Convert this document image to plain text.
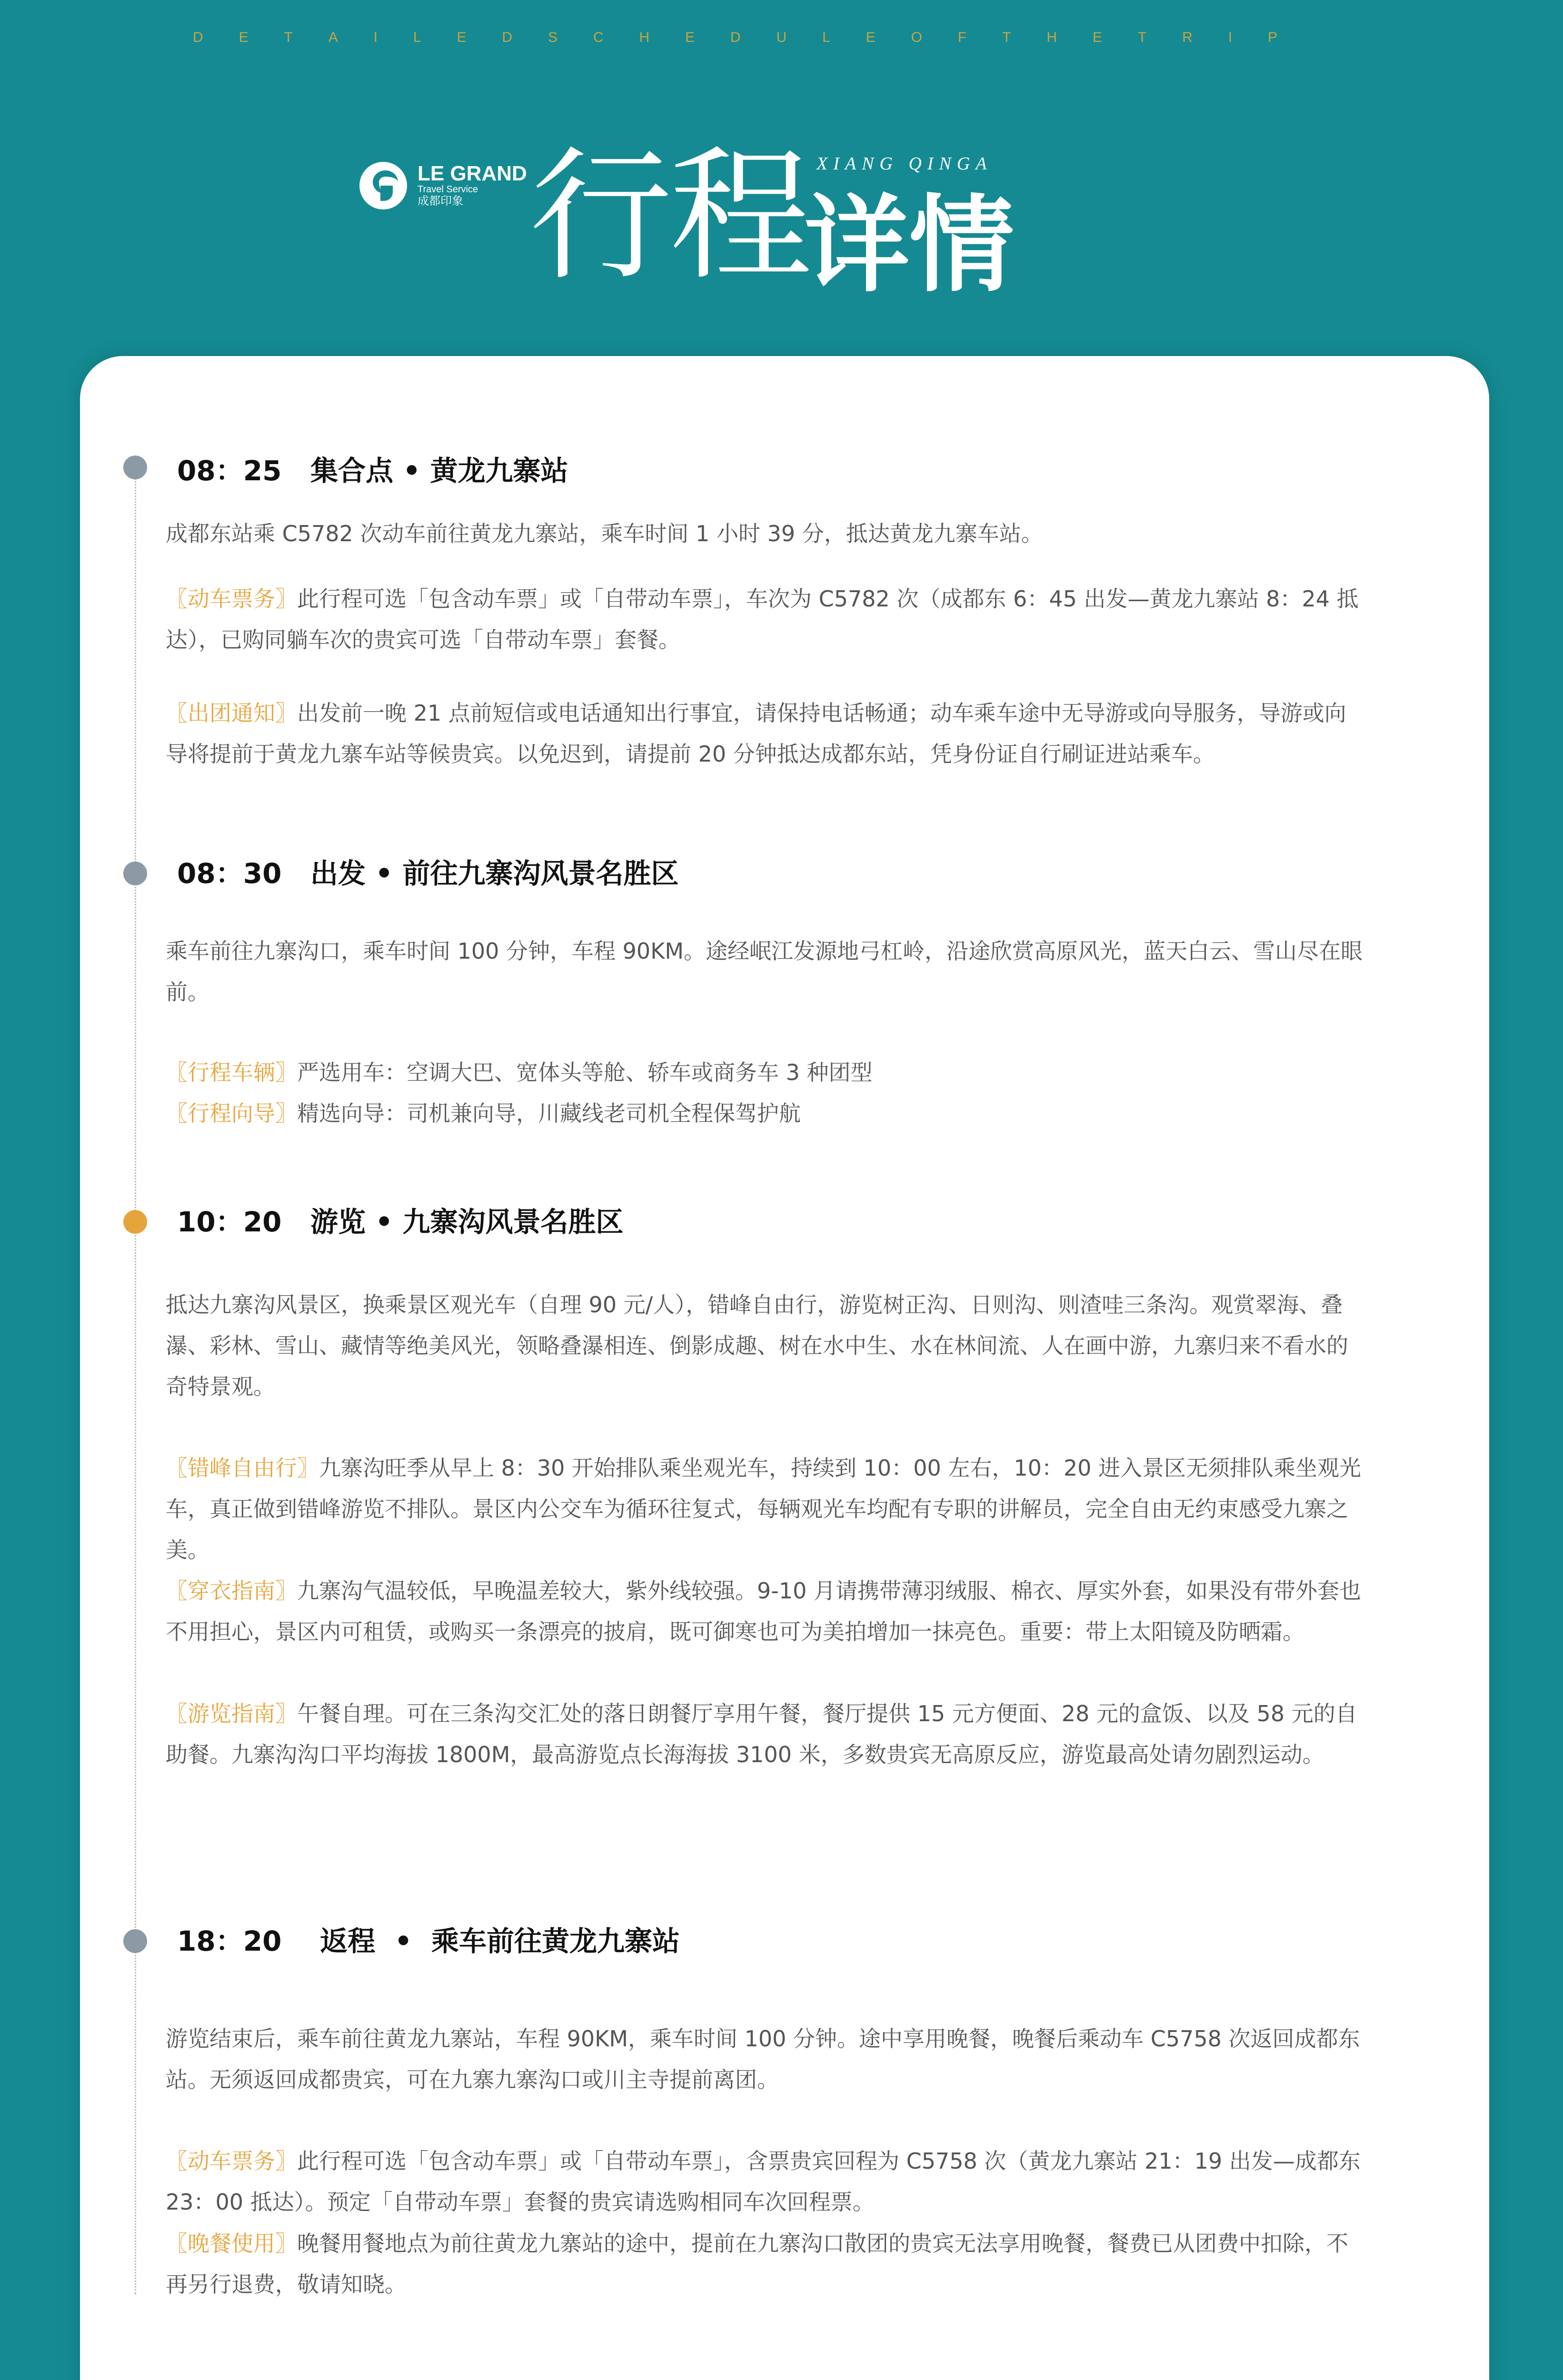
D E T A I L E D S C H E D U L E O F T H E T R I P
LE GRAND
Travel Service
成都印象 行程 XIANG QINGA
详情
08：25   集合点 • 黄龙九寨站
成都东站乘 C5782 次动车前往黄龙九寨站，乘车时间 1 小时 39 分，抵达黄龙九寨车站。
〖动车票务〗此行程可选「包含动车票」或「自带动车票」，车次为 C5782 次（成都东 6：45 出发—黄龙九寨站 8：24 抵达），已购同躺车次的贵宾可选「自带动车票」套餐。
〖出团通知〗出发前一晚 21 点前短信或电话通知出行事宜，请保持电话畅通；动车乘车途中无导游或向导服务，导游或向导将提前于黄龙九寨车站等候贵宾。以免迟到，请提前 20 分钟抵达成都东站，凭身份证自行刷证进站乘车。
08：30   出发 • 前往九寨沟风景名胜区
乘车前往九寨沟口，乘车时间 100 分钟，车程 90KM。途经岷江发源地弓杠岭，沿途欣赏高原风光，蓝天白云、雪山尽在眼前。
〖行程车辆〗严选用车：空调大巴、宽体头等舱、轿车或商务车 3 种团型
〖行程向导〗精选向导：司机兼向导，川藏线老司机全程保驾护航
10：20   游览 • 九寨沟风景名胜区
抵达九寨沟风景区，换乘景区观光车（自理 90 元/人），错峰自由行，游览树正沟、日则沟、则渣哇三条沟。观赏翠海、叠瀑、彩林、雪山、藏情等绝美风光，领略叠瀑相连、倒影成趣、树在水中生、水在林间流、人在画中游，九寨归来不看水的奇特景观。
〖错峰自由行〗九寨沟旺季从早上 8：30 开始排队乘坐观光车，持续到 10：00 左右，10：20 进入景区无须排队乘坐观光车，真正做到错峰游览不排队。景区内公交车为循环往复式，每辆观光车均配有专职的讲解员，完全自由无约束感受九寨之美。
〖穿衣指南〗九寨沟气温较低，早晚温差较大，紫外线较强。9-10 月请携带薄羽绒服、棉衣、厚实外套，如果没有带外套也不用担心，景区内可租赁，或购买一条漂亮的披肩，既可御寒也可为美拍增加一抹亮色。重要：带上太阳镜及防晒霜。
〖游览指南〗午餐自理。可在三条沟交汇处的落日朗餐厅享用午餐，餐厅提供 15 元方便面、28 元的盒饭、以及 58 元的自助餐。九寨沟沟口平均海拔 1800M，最高游览点长海海拔 3100 米，多数贵宾无高原反应，游览最高处请勿剧烈运动。
18：20    返程  •  乘车前往黄龙九寨站
游览结束后，乘车前往黄龙九寨站，车程 90KM，乘车时间 100 分钟。途中享用晚餐，晚餐后乘动车 C5758 次返回成都东站。无须返回成都贵宾，可在九寨九寨沟口或川主寺提前离团。
〖动车票务〗此行程可选「包含动车票」或「自带动车票」，含票贵宾回程为 C5758 次（黄龙九寨站 21：19 出发—成都东 23：00 抵达）。预定「自带动车票」套餐的贵宾请选购相同车次回程票。
〖晚餐使用〗晚餐用餐地点为前往黄龙九寨站的途中，提前在九寨沟口散团的贵宾无法享用晚餐，餐费已从团费中扣除，不再另行退费，敬请知晓。
